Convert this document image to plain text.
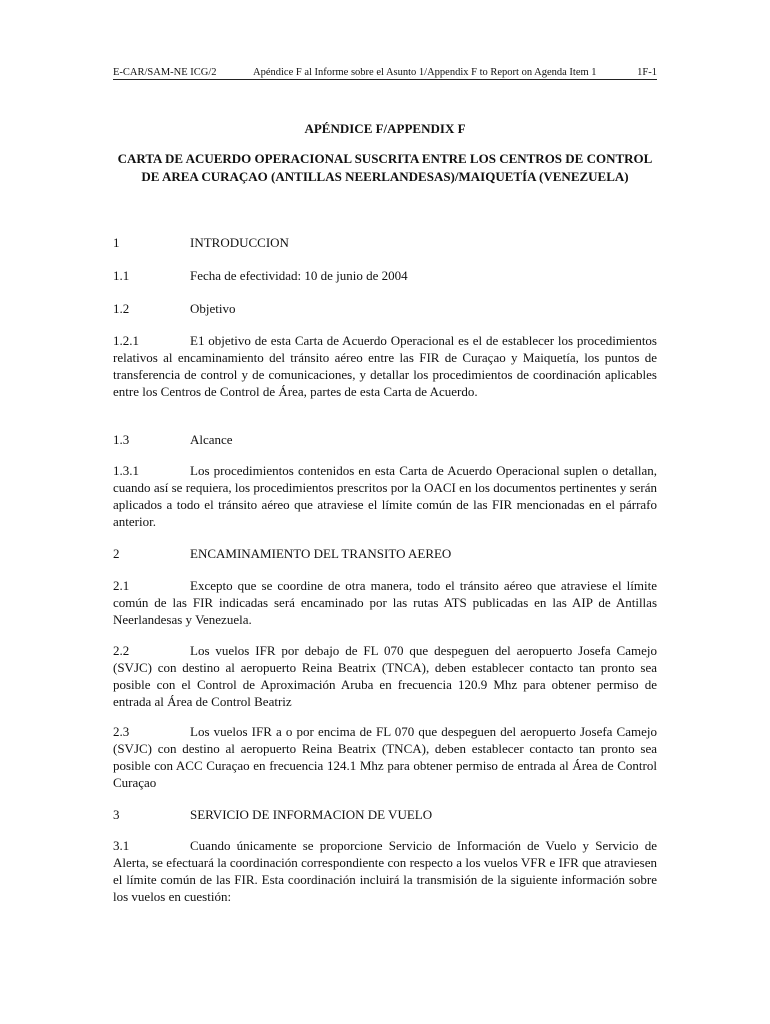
E-CAR/SAM-NE ICG/2	Apéndice F al Informe sobre el Asunto 1/Appendix F to Report on Agenda Item 1	1F-1
APÉNDICE F/APPENDIX F
CARTA DE ACUERDO OPERACIONAL SUSCRITA ENTRE LOS CENTROS DE CONTROL DE AREA CURAÇAO (ANTILLAS NEERLANDESAS)/MAIQUETÍA (VENEZUELA)
1	INTRODUCCION
1.1	Fecha de efectividad: 10 de junio de 2004
1.2	Objetivo

1.2.1	E1 objetivo de esta Carta de Acuerdo Operacional es el de establecer los procedimientos relativos al encaminamiento del tránsito aéreo entre las FIR de Curaçao y Maiquetía, los puntos de transferencia de control y de comunicaciones, y detallar los procedimientos de coordinación aplicables entre los Centros de Control de Área, partes de esta Carta de Acuerdo.

1.3	Alcance

1.3.1	Los procedimientos contenidos en esta Carta de Acuerdo Operacional suplen o detallan, cuando así se requiera, los procedimientos prescritos por la OACI en los documentos pertinentes y serán aplicados a todo el tránsito aéreo que atraviese el límite común de las FIR mencionadas en el párrafo anterior.

2	ENCAMINAMIENTO DEL TRANSITO AEREO

2.1	Excepto que se coordine de otra manera, todo el tránsito aéreo que atraviese el límite común de las FIR indicadas será encaminado por las rutas ATS publicadas en las AIP de Antillas Neerlandesas y Venezuela.

2.2	Los vuelos IFR por debajo de FL 070 que despeguen del aeropuerto Josefa Camejo (SVJC) con destino al aeropuerto Reina Beatrix (TNCA), deben establecer contacto tan pronto sea posible con el Control de Aproximación Aruba en frecuencia 120.9 Mhz para obtener permiso de entrada al Área de Control Beatriz

2.3	Los vuelos IFR a o por encima de FL 070 que despeguen del aeropuerto Josefa Camejo (SVJC) con destino al aeropuerto Reina Beatrix (TNCA), deben establecer contacto tan pronto sea posible con ACC Curaçao en frecuencia 124.1 Mhz para obtener permiso de entrada al Área de Control Curaçao

3	SERVICIO DE INFORMACION DE VUELO

3.1	Cuando únicamente se proporcione Servicio de Información de Vuelo y Servicio de Alerta, se efectuará la coordinación correspondiente con respecto a los vuelos VFR e IFR que atraviesen el límite común de las FIR. Esta coordinación incluirá la transmisión de la siguiente información sobre los vuelos en cuestión:
